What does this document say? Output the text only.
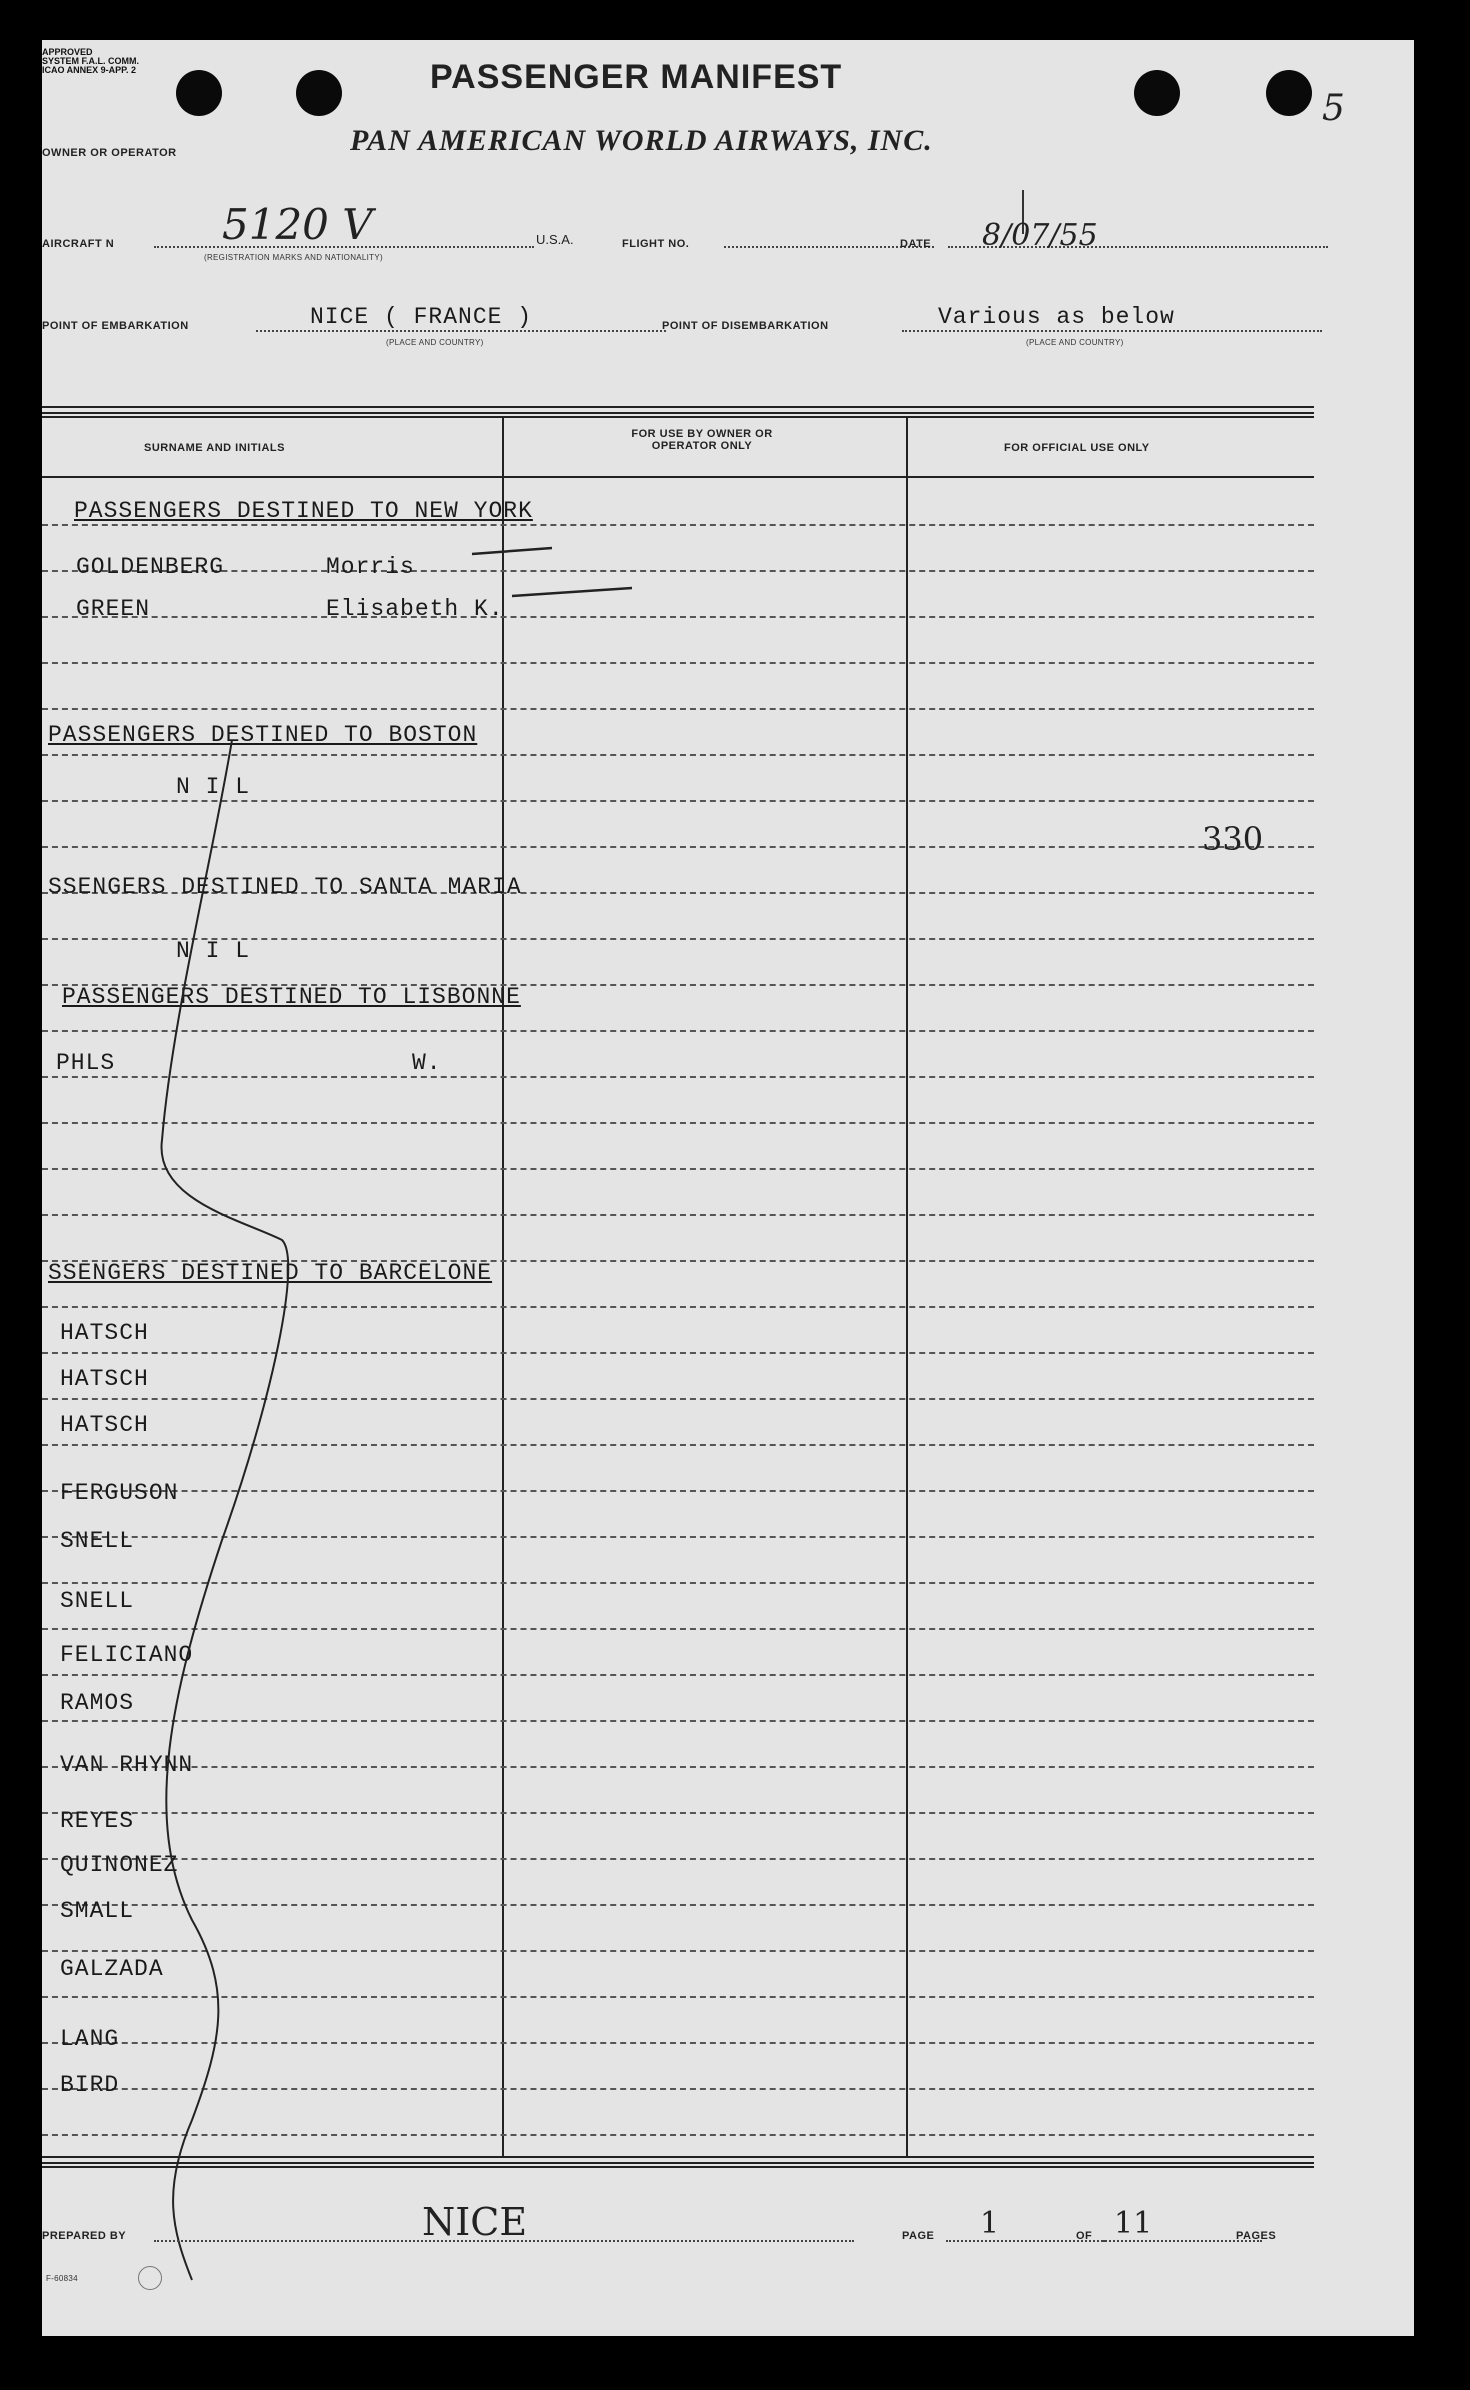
APPROVED
SYSTEM F.A.L. COMM.
ICAO ANNEX 9-APP. 2	PASSENGER MANIFEST
5
OWNER OR OPERATOR	PAN AMERICAN WORLD AIRWAYS, INC.
AIRCRAFT N	5120 V
(REGISTRATION MARKS AND NATIONALITY)
U.S.A.	FLIGHT NO.	DATE 8/07/55
POINT OF EMBARKATION	NICE ( FRANCE )
(PLACE AND COUNTRY)
POINT OF DISEMBARKATION	Various as below
(PLACE AND COUNTRY)
SURNAME AND INITIALS
FOR USE BY OWNER OR OPERATOR ONLY	FOR OFFICIAL USE ONLY
PASSENGERS DESTINED TO NEW YORK
GOLDENBERG	Morris
GREEN	Elisabeth K.
PASSENGERS DESTINED TO BOSTON
N I L
330
SSENGERS DESTINED TO SANTA MARIA
N I L
PASSENGERS DESTINED TO LISBONNE
PHLS	W.
SSENGERS DESTINED TO BARCELONE
HATSCH
HATSCH
HATSCH
FERGUSON
SNELL
SNELL
FELICIANO
RAMOS
VAN RHYNN
REYES
QUINONEZ
SMALL
GALZADA
LANG
BIRD
PREPARED BY	NICE	PAGE 1	OF 11	PAGES
F-60834
